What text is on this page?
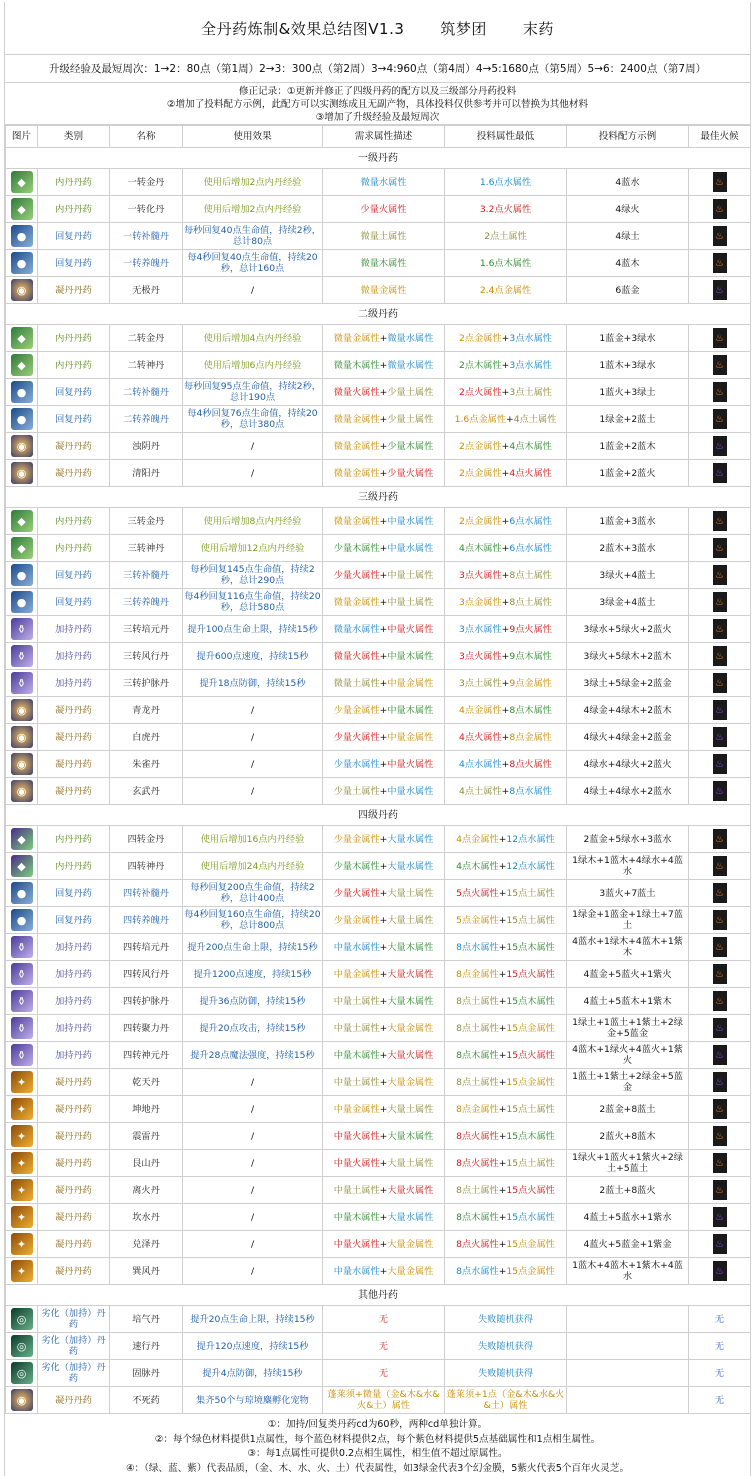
全丹药炼制&效果总结图V1.3 筑梦团 末药
升级经验及最短周次：1→2：80点（第1周）2→3：300点（第2周）3→4:960点（第4周）4→5:1680点（第5周）5→6：2400点（第7周）
修正记录：①更新并修正了四级丹药的配方以及三级部分丹药投料
②增加了投料配方示例，此配方可以实测练成且无副产物，具体投料仅供参考并可以替换为其他材料
③增加了升级经验及最短周次
图片	类别	名称	使用效果	需求属性描述	投料属性最低	投料配方示例	最佳火候
一级丹药							

◆	内丹丹药	一转金丹	使用后增加2点内丹经验	微量水属性	1.6点水属性	4蓝水	♨

◆	内丹丹药	一转化丹	使用后增加2点内丹经验	少量火属性	3.2点火属性	4绿火	♨

●	回复丹药	一转补髓丹	每秒回复40点生命值，持续2秒，总计80点	微量土属性	2点土属性	4绿土	♨

●	回复丹药	一转养魄丹	每4秒回复40点生命值，持续20秒，总计160点	微量木属性	1.6点木属性	4蓝木	♨

◉	凝丹丹药	无极丹	/	微量金属性	2.4点金属性	6蓝金	♨

二级丹药							

◆	内丹丹药	二转金丹	使用后增加4点内丹经验	微量金属性+微量水属性	2点金属性+3点水属性	1蓝金+3绿水	♨

◆	内丹丹药	二转神丹	使用后增加6点内丹经验	微量木属性+微量水属性	2点木属性+3点水属性	1蓝木+3绿水	♨

●	回复丹药	二转补髓丹	每秒回复95点生命值，持续2秒，总计190点	微量火属性+少量土属性	2点火属性+3点土属性	1蓝火+3绿土	♨

●	回复丹药	二转养魄丹	每4秒回复76点生命值，持续20秒，总计380点	微量金属性+少量土属性	1.6点金属性+4点土属性	1绿金+2蓝土	♨

◉	凝丹丹药	浊阴丹	/	微量金属性+少量木属性	2点金属性+4点木属性	1蓝金+2蓝木	♨

◉	凝丹丹药	清阳丹	/	微量金属性+少量火属性	2点金属性+4点火属性	1蓝金+2蓝火	♨

三级丹药							

◆	内丹丹药	三转金丹	使用后增加8点内丹经验	微量金属性+中量水属性	2点金属性+6点水属性	1蓝金+3蓝水	♨

◆	内丹丹药	三转神丹	使用后增加12点内丹经验	少量木属性+中量水属性	4点木属性+6点水属性	2蓝木+3蓝水	♨

●	回复丹药	三转补髓丹	每秒回复145点生命值，持续2秒，总计290点	少量火属性+中量土属性	3点火属性+8点土属性	3绿火+4蓝土	♨

●	回复丹药	三转养魄丹	每4秒回复116点生命值，持续20秒，总计580点	微量金属性+中量土属性	3点金属性+8点土属性	3绿金+4蓝土	♨

⚱	加持丹药	三转培元丹	提升100点生命上限，持续15秒	微量水属性+中量火属性	3点水属性+9点火属性	3绿水+5绿火+2蓝火	♨

⚱	加持丹药	三转风行丹	提升600点速度，持续15秒	微量火属性+中量木属性	3点火属性+9点木属性	3绿火+5绿木+2蓝木	♨

⚱	加持丹药	三转护脉丹	提升18点防御，持续15秒	微量土属性+中量金属性	3点土属性+9点金属性	3绿土+5绿金+2蓝金	♨

◉	凝丹丹药	青龙丹	/	少量金属性+中量木属性	4点金属性+8点木属性	4绿金+4绿木+2蓝木	♨

◉	凝丹丹药	白虎丹	/	少量火属性+中量金属性	4点火属性+8点金属性	4绿火+4绿金+2蓝金	♨

◉	凝丹丹药	朱雀丹	/	少量水属性+中量火属性	4点水属性+8点火属性	4绿水+4绿火+2蓝火	♨

◉	凝丹丹药	玄武丹	/	少量土属性+中量水属性	4点土属性+8点水属性	4绿土+4绿水+2蓝水	♨

四级丹药							

◆	内丹丹药	四转金丹	使用后增加16点内丹经验	少量金属性+大量水属性	4点金属性+12点水属性	2蓝金+5绿水+3蓝水	♨

◆	内丹丹药	四转神丹	使用后增加24点内丹经验	少量木属性+大量水属性	4点木属性+12点水属性	1绿木+1蓝木+4绿水+4蓝水	♨

●	回复丹药	四转补髓丹	每秒回复200点生命值，持续2秒，总计400点	少量火属性+大量土属性	5点火属性+15点土属性	3蓝火+7蓝土	♨

●	回复丹药	四转养魄丹	每4秒回复160点生命值，持续20秒，总计800点	少量金属性+大量土属性	5点金属性+15点土属性	1绿金+1蓝金+1绿土+7蓝土	♨

⚱	加持丹药	四转培元丹	提升200点生命上限，持续15秒	中量水属性+大量木属性	8点水属性+15点木属性	4蓝水+1绿木+4蓝木+1紫木	♨

⚱	加持丹药	四转风行丹	提升1200点速度，持续15秒	中量金属性+大量火属性	8点金属性+15点火属性	4蓝金+5蓝火+1紫火	♨

⚱	加持丹药	四转护脉丹	提升36点防御，持续15秒	中量土属性+大量木属性	8点土属性+15点木属性	4蓝土+5蓝木+1紫木	♨

⚱	加持丹药	四转聚力丹	提升20点攻击，持续15秒	中量土属性+大量金属性	8点土属性+15点金属性	1绿土+1蓝土+1紫土+2绿金+5蓝金	♨

⚱	加持丹药	四转神元丹	提升28点魔法强度，持续15秒	中量木属性+大量火属性	8点木属性+15点火属性	4蓝木+1绿火+4蓝火+1紫火	♨

✦	凝丹丹药	乾天丹	/	中量土属性+大量金属性	8点土属性+15点金属性	1蓝土+1紫土+2绿金+5蓝金	♨

✦	凝丹丹药	坤地丹	/	中量金属性+大量土属性	8点金属性+15点土属性	2蓝金+8蓝土	♨

✦	凝丹丹药	震雷丹	/	中量火属性+大量木属性	8点火属性+15点木属性	2蓝火+8蓝木	♨

✦	凝丹丹药	艮山丹	/	中量火属性+大量土属性	8点火属性+15点土属性	1绿火+1蓝火+1紫火+2绿土+5蓝土	♨

✦	凝丹丹药	离火丹	/	中量土属性+大量火属性	8点土属性+15点火属性	2蓝土+8蓝火	♨

✦	凝丹丹药	坎水丹	/	中量木属性+大量水属性	8点木属性+15点水属性	4蓝土+5蓝水+1紫水	♨

✦	凝丹丹药	兑泽丹	/	中量火属性+大量金属性	8点火属性+15点金属性	4蓝火+5蓝金+1紫金	♨

✦	凝丹丹药	巽风丹	/	中量水属性+大量金属性	8点水属性+15点金属性	1蓝木+4蓝木+1紫木+4蓝水	♨

其他丹药							

◎	劣化（加持）丹药	培气丹	提升20点生命上限，持续15秒	无	失败随机获得		无

◎	劣化（加持）丹药	速行丹	提升120点速度，持续15秒	无	失败随机获得		无

◎	劣化（加持）丹药	固脉丹	提升4点防御，持续15秒	无	失败随机获得		无

◉	凝丹丹药	不死药	集齐50个与琼境麋孵化宠物	蓬莱须+微量（金&木&水&火&土）属性	蓬莱须+1点（金&木&水&火&土）属性		无
①：加持/回复类丹药cd为60秒，两种cd单独计算。
②：每个绿色材料提供1点属性，每个蓝色材料提供2点，每个紫色材料提供5点基础属性和1点相生属性。
③：每1点属性可提供0.2点相生属性，相生值不超过原属性。
④：（绿、蓝、紫）代表品质，（金、木、水、火、土）代表属性，如3绿金代表3个幻金膜，5紫火代表5个百年火灵芝。
